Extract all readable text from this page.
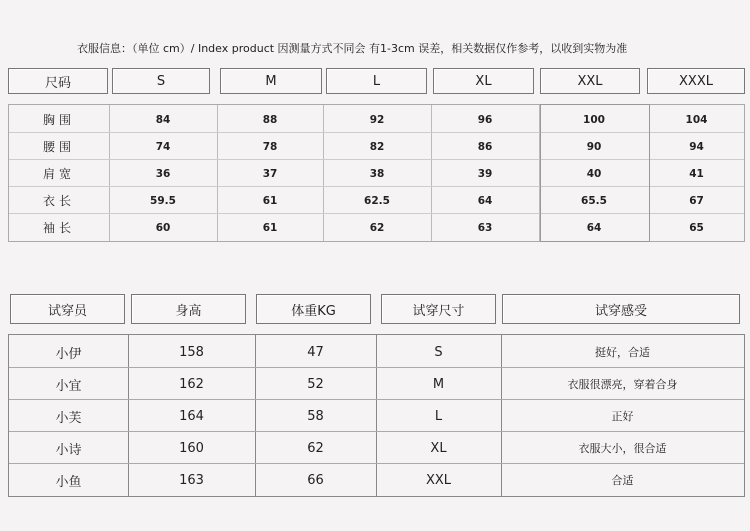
衣服信息：（单位 cm）/ Index product 因测量方式不同会 有1-3cm 误差，相关数据仅作参考，以收到实物为准
尺码	S	M	L	XL	XXL	XXXL
胸围	84	88	92	96	100	104
腰围	74	78	82	86	90	94
肩宽	36	37	38	39	40	41
衣长	59.5	61	62.5	64	65.5	67
袖长	60	61	62	63	64	65
试穿员	身高	体重KG	试穿尺寸	试穿感受
小伊	158	47	S	挺好，合适
小宜	162	52	M	衣服很漂亮，穿着合身
小芙	164	58	L	正好
小诗	160	62	XL	衣服大小，很合适
小鱼	163	66	XXL	合适
